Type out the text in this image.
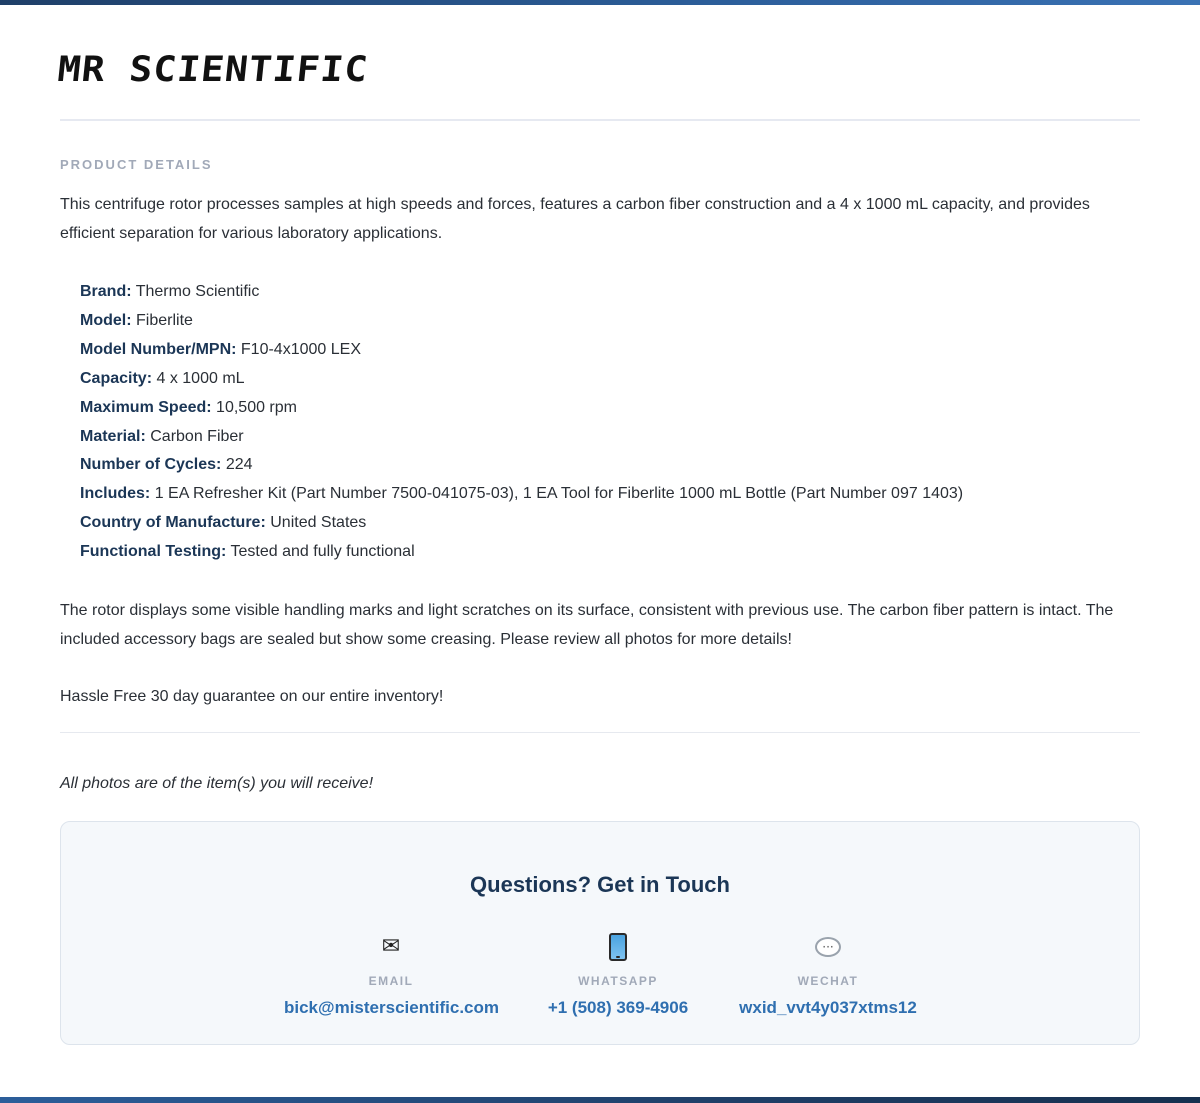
MR SCIENTIFIC
PRODUCT DETAILS
This centrifuge rotor processes samples at high speeds and forces, features a carbon fiber construction and a 4 x 1000 mL capacity, and provides efficient separation for various laboratory applications.
Brand: Thermo Scientific
Model: Fiberlite
Model Number/MPN: F10-4x1000 LEX
Capacity: 4 x 1000 mL
Maximum Speed: 10,500 rpm
Material: Carbon Fiber
Number of Cycles: 224
Includes: 1 EA Refresher Kit (Part Number 7500-041075-03), 1 EA Tool for Fiberlite 1000 mL Bottle (Part Number 097 1403)
Country of Manufacture: United States
Functional Testing: Tested and fully functional
The rotor displays some visible handling marks and light scratches on its surface, consistent with previous use. The carbon fiber pattern is intact. The included accessory bags are sealed but show some creasing. Please review all photos for more details!
Hassle Free 30 day guarantee on our entire inventory!
All photos are of the item(s) you will receive!
Questions? Get in Touch
✉
EMAIL
bick@misterscientific.com
WHATSAPP
+1 (508) 369-4906
···
WECHAT
wxid_vvt4y037xtms12
